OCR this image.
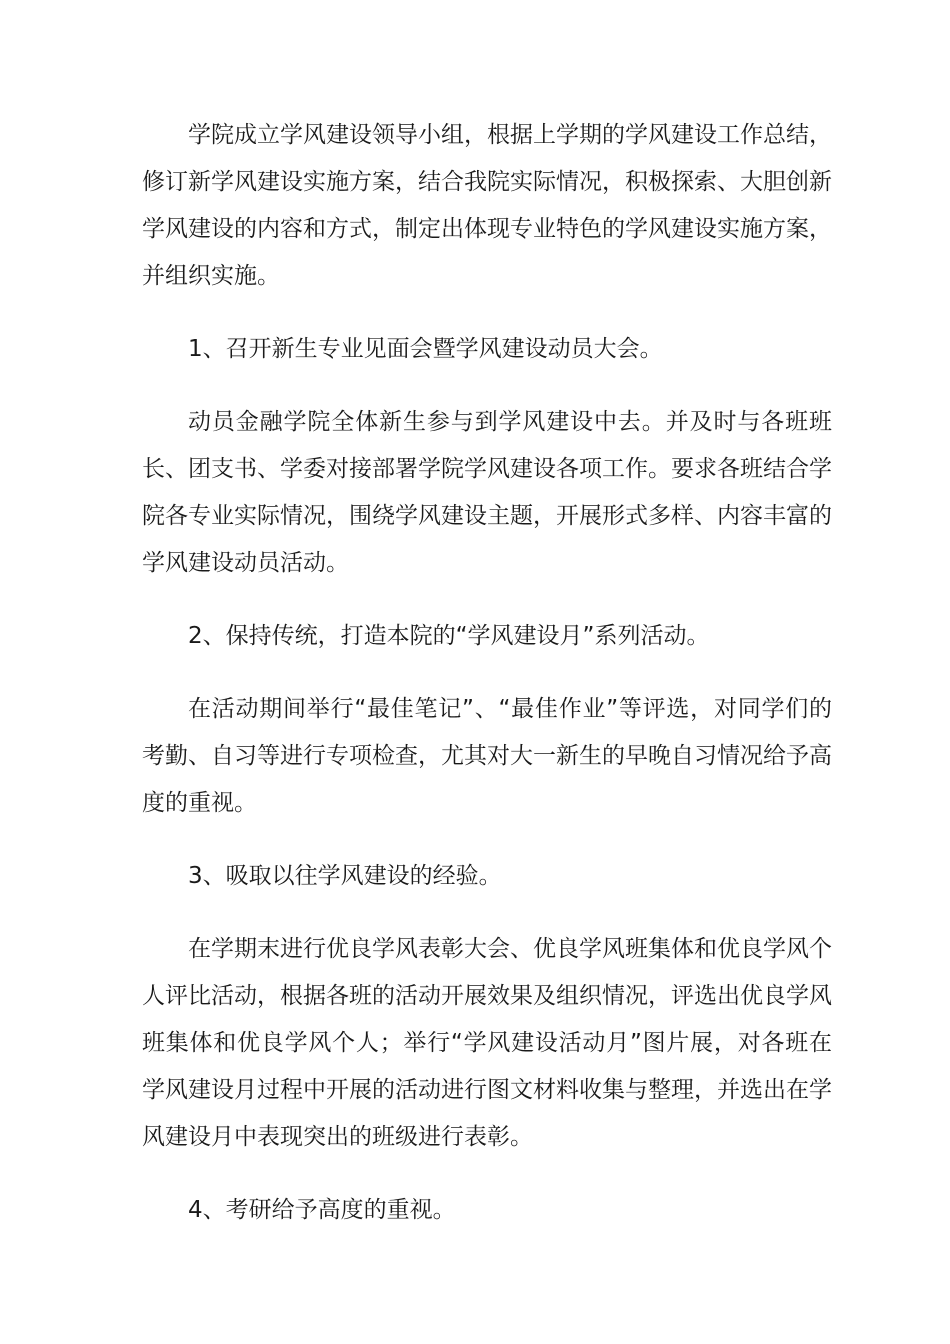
学院成立学风建设领导小组，根据上学期的学风建设工作总结，修订新学风建设实施方案，结合我院实际情况，积极探索、大胆创新学风建设的内容和方式，制定出体现专业特色的学风建设实施方案，并组织实施。

1、召开新生专业见面会暨学风建设动员大会。

动员金融学院全体新生参与到学风建设中去。并及时与各班班长、团支书、学委对接部署学院学风建设各项工作。要求各班结合学院各专业实际情况，围绕学风建设主题，开展形式多样、内容丰富的学风建设动员活动。

2、保持传统，打造本院的“学风建设月”系列活动。

在活动期间举行“最佳笔记”、“最佳作业”等评选，对同学们的考勤、自习等进行专项检查，尤其对大一新生的早晚自习情况给予高度的重视。

3、吸取以往学风建设的经验。

在学期末进行优良学风表彰大会、优良学风班集体和优良学风个人评比活动，根据各班的活动开展效果及组织情况，评选出优良学风班集体和优良学风个人；举行“学风建设活动月”图片展，对各班在学风建设月过程中开展的活动进行图文材料收集与整理，并选出在学风建设月中表现突出的班级进行表彰。

4、考研给予高度的重视。
